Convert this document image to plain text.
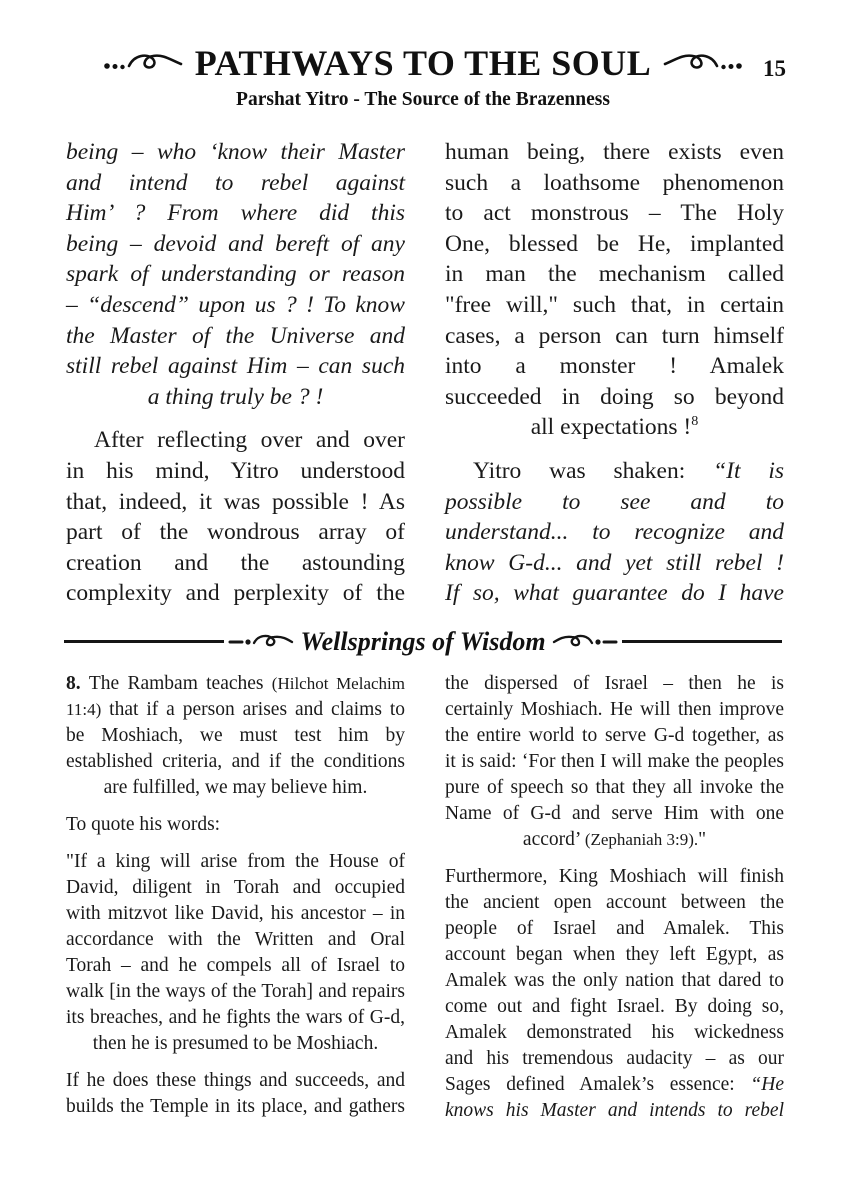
PATHWAYS TO THE SOUL	15
Parshat Yitro - The Source of the Brazenness
being – who ‘know their Master
and intend to rebel against
Him’ ? From where did this
being – devoid and bereft of any
spark of understanding or reason
– “descend” upon us ? ! To know
the Master of the Universe and
still rebel against Him – can such
a thing truly be ? !
After reflecting over and over
in his mind, Yitro understood
that, indeed, it was possible ! As
part of the wondrous array of
creation and the astounding
complexity and perplexity of the
human being, there exists even
such a loathsome phenomenon
to act monstrous – The Holy
One, blessed be He, implanted
in man the mechanism called
"free will," such that, in certain
cases, a person can turn himself
into a monster ! Amalek
succeeded in doing so beyond
all expectations !$^8$
Yitro was shaken: “It is
possible to see and to
understand... to recognize and
know G-d... and yet still rebel !
If so, what guarantee do I have
Wellsprings of Wisdom
8. The Rambam teaches (Hilchot Melachim
11:4) that if a person arises and claims to
be Moshiach, we must test him by
established criteria, and if the conditions
are fulfilled, we may believe him.
To quote his words:
"If a king will arise from the House of
David, diligent in Torah and occupied
with mitzvot like David, his ancestor – in
accordance with the Written and Oral
Torah – and he compels all of Israel to
walk [in the ways of the Torah] and repairs
its breaches, and he fights the wars of G-d,
then he is presumed to be Moshiach.
If he does these things and succeeds, and
builds the Temple in its place, and gathers
the dispersed of Israel – then he is
certainly Moshiach. He will then improve
the entire world to serve G-d together, as
it is said: ‘For then I will make the peoples
pure of speech so that they all invoke the
Name of G-d and serve Him with one
accord’ (Zephaniah 3:9)."
Furthermore, King Moshiach will finish
the ancient open account between the
people of Israel and Amalek. This
account began when they left Egypt, as
Amalek was the only nation that dared to
come out and fight Israel. By doing so,
Amalek demonstrated his wickedness
and his tremendous audacity – as our
Sages defined Amalek’s essence: “He
knows his Master and intends to rebel
